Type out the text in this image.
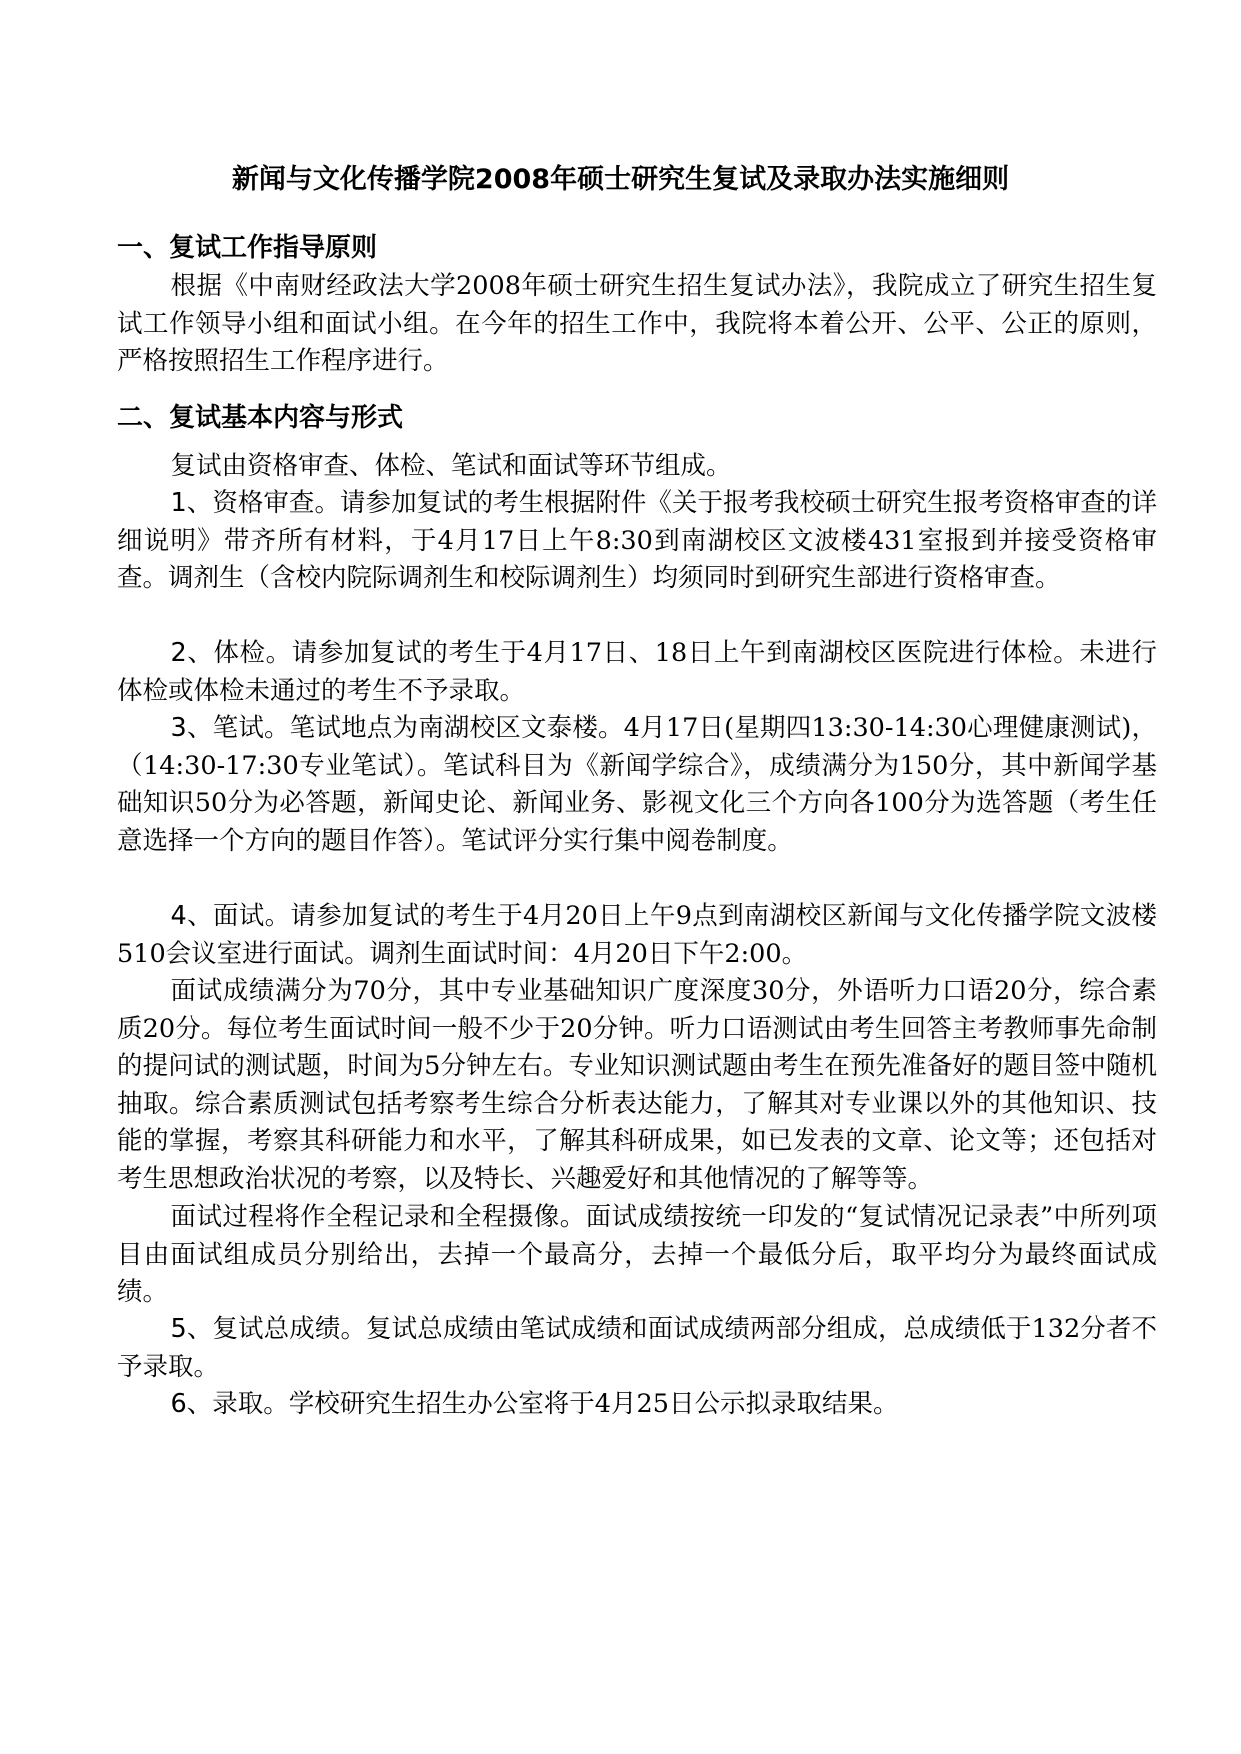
新闻与文化传播学院2008年硕士研究生复试及录取办法实施细则
一、复试工作指导原则
根据《中南财经政法大学2008年硕士研究生招生复试办法》，我院成立了研究生招生复试工作领导小组和面试小组。在今年的招生工作中，我院将本着公开、公平、公正的原则，严格按照招生工作程序进行。
二、复试基本内容与形式
复试由资格审查、体检、笔试和面试等环节组成。
1、资格审查。请参加复试的考生根据附件《关于报考我校硕士研究生报考资格审查的详细说明》带齐所有材料，于4月17日上午8:30到南湖校区文波楼431室报到并接受资格审查。调剂生（含校内院际调剂生和校际调剂生）均须同时到研究生部进行资格审查。
2、体检。请参加复试的考生于4月17日、18日上午到南湖校区医院进行体检。未进行体检或体检未通过的考生不予录取。
3、笔试。笔试地点为南湖校区文泰楼。4月17日(星期四13:30-14:30心理健康测试)，（14:30-17:30专业笔试）。笔试科目为《新闻学综合》，成绩满分为150分，其中新闻学基础知识50分为必答题，新闻史论、新闻业务、影视文化三个方向各100分为选答题（考生任意选择一个方向的题目作答）。笔试评分实行集中阅卷制度。
4、面试。请参加复试的考生于4月20日上午9点到南湖校区新闻与文化传播学院文波楼510会议室进行面试。调剂生面试时间：4月20日下午2:00。
面试成绩满分为70分，其中专业基础知识广度深度30分，外语听力口语20分，综合素质20分。每位考生面试时间一般不少于20分钟。听力口语测试由考生回答主考教师事先命制的提问试的测试题，时间为5分钟左右。专业知识测试题由考生在预先准备好的题目签中随机抽取。综合素质测试包括考察考生综合分析表达能力，了解其对专业课以外的其他知识、技能的掌握，考察其科研能力和水平，了解其科研成果，如已发表的文章、论文等；还包括对考生思想政治状况的考察，以及特长、兴趣爱好和其他情况的了解等等。
面试过程将作全程记录和全程摄像。面试成绩按统一印发的“复试情况记录表”中所列项目由面试组成员分别给出，去掉一个最高分，去掉一个最低分后，取平均分为最终面试成绩。
5、复试总成绩。复试总成绩由笔试成绩和面试成绩两部分组成，总成绩低于132分者不予录取。
6、录取。学校研究生招生办公室将于4月25日公示拟录取结果。
